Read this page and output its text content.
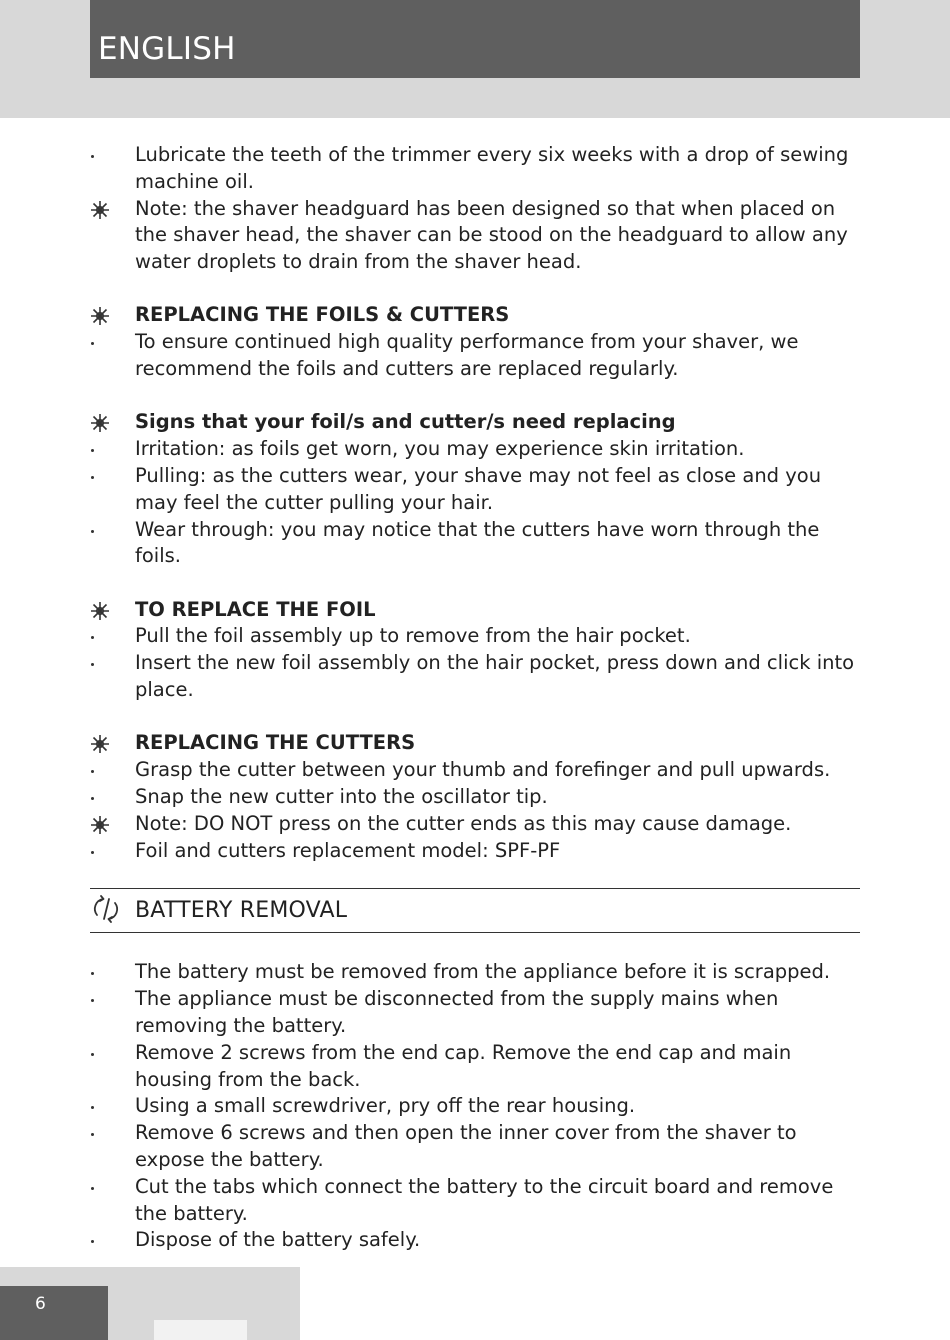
ENGLISH
Lubricate the teeth of the trimmer every six weeks with a drop of sewing machine oil.
Note: the shaver headguard has been designed so that when placed on the shaver head, the shaver can be stood on the headguard to allow any water droplets to drain from the shaver head.
REPLACING THE FOILS & CUTTERS
To ensure continued high quality performance from your shaver, we recommend the foils and cutters are replaced regularly.
Signs that your foil/s and cutter/s need replacing
Irritation: as foils get worn, you may experience skin irritation.
Pulling: as the cutters wear, your shave may not feel as close and you may feel the cutter pulling your hair.
Wear through: you may notice that the cutters have worn through the foils.
TO REPLACE THE FOIL
Pull the foil assembly up to remove from the hair pocket.
Insert the new foil assembly on the hair pocket, press down and click into place.
REPLACING THE CUTTERS
Grasp the cutter between your thumb and forefinger and pull upwards.
Snap the new cutter into the oscillator tip.
Note: DO NOT press on the cutter ends as this may cause damage.
Foil and cutters replacement model: SPF-PF
BATTERY REMOVAL
The battery must be removed from the appliance before it is scrapped.
The appliance must be disconnected from the supply mains when removing the battery.
Remove 2 screws from the end cap. Remove the end cap and main housing from the back.
Using a small screwdriver, pry off the rear housing.
Remove 6 screws and then open the inner cover from the shaver to expose the battery.
Cut the tabs which connect the battery to the circuit board and remove the battery.
Dispose of the battery safely.
6
